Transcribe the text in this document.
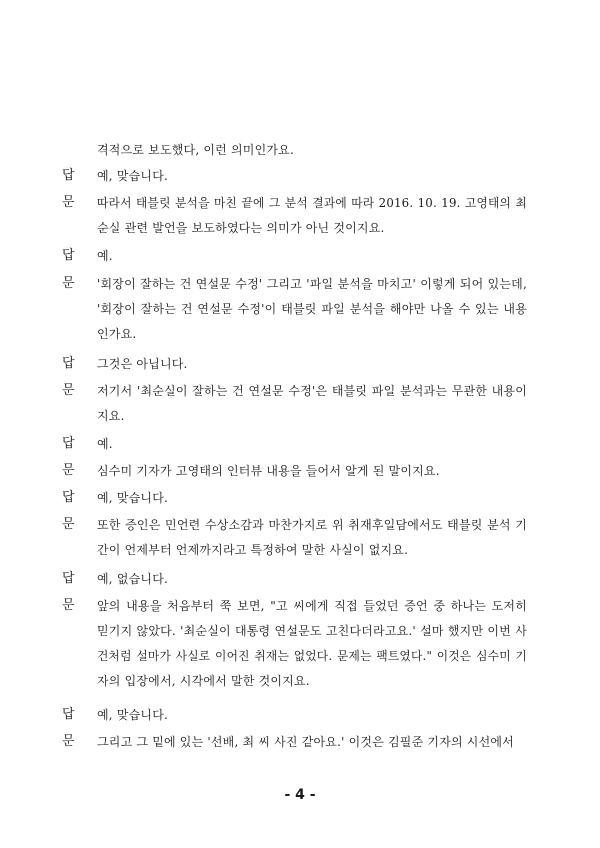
격적으로 보도했다, 이런 의미인가요.
답 예, 맞습니다.
문 따라서 태블릿 분석을 마친 끝에 그 분석 결과에 따라 2016. 10. 19. 고영태의 최
순실 관련 발언을 보도하였다는 의미가 아닌 것이지요.
답 예.
문 '회장이 잘하는 건 연설문 수정' 그리고 '파일 분석을 마치고' 이렇게 되어 있는데,
'회장이 잘하는 건 연설문 수정'이 태블릿 파일 분석을 해야만 나올 수 있는 내용
인가요.
답 그것은 아닙니다.
문 저기서 '최순실이 잘하는 건 연설문 수정'은 태블릿 파일 분석과는 무관한 내용이
지요.
답 예.
문 심수미 기자가 고영태의 인터뷰 내용을 들어서 알게 된 말이지요.
답 예, 맞습니다.
문 또한 증인은 민언련 수상소감과 마찬가지로 위 취재후일담에서도 태블릿 분석 기
간이 언제부터 언제까지라고 특정하여 말한 사실이 없지요.
답 예, 없습니다.
문 앞의 내용을 처음부터 쭉 보면, "고 씨에게 직접 들었던 증언 중 하나는 도저히
믿기지 않았다. '최순실이 대통령 연설문도 고친다더라고요.' 설마 했지만 이번 사
건처럼 설마가 사실로 이어진 취재는 없었다. 문제는 팩트였다." 이것은 심수미 기
자의 입장에서, 시각에서 말한 것이지요.
답 예, 맞습니다.
문 그리고 그 밑에 있는 '선배, 최 씨 사진 같아요.' 이것은 김필준 기자의 시선에서
- 4 -
